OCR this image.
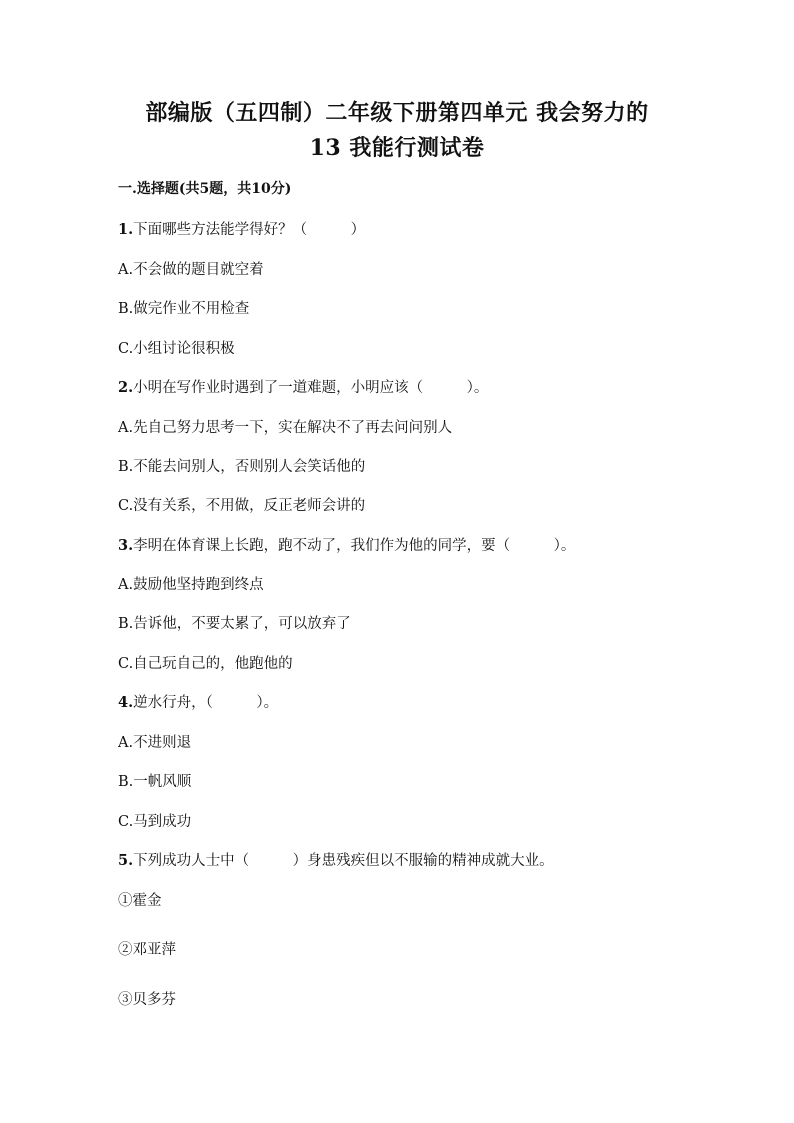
部编版（五四制）二年级下册第四单元 我会努力的
13 我能行测试卷
一.选择题(共5题，共10分)
1.下面哪些方法能学得好？（　　　）
A.不会做的题目就空着
B.做完作业不用检查
C.小组讨论很积极
2.小明在写作业时遇到了一道难题，小明应该（　　　）。
A.先自己努力思考一下，实在解决不了再去问问别人
B.不能去问别人，否则别人会笑话他的
C.没有关系，不用做，反正老师会讲的
3.李明在体育课上长跑，跑不动了，我们作为他的同学，要（　　　）。
A.鼓励他坚持跑到终点
B.告诉他，不要太累了，可以放弃了
C.自己玩自己的，他跑他的
4.逆水行舟，（　　　）。
A.不进则退
B.一帆风顺
C.马到成功
5.下列成功人士中（　　　）身患残疾但以不服输的精神成就大业。
①霍金
②邓亚萍
③贝多芬
